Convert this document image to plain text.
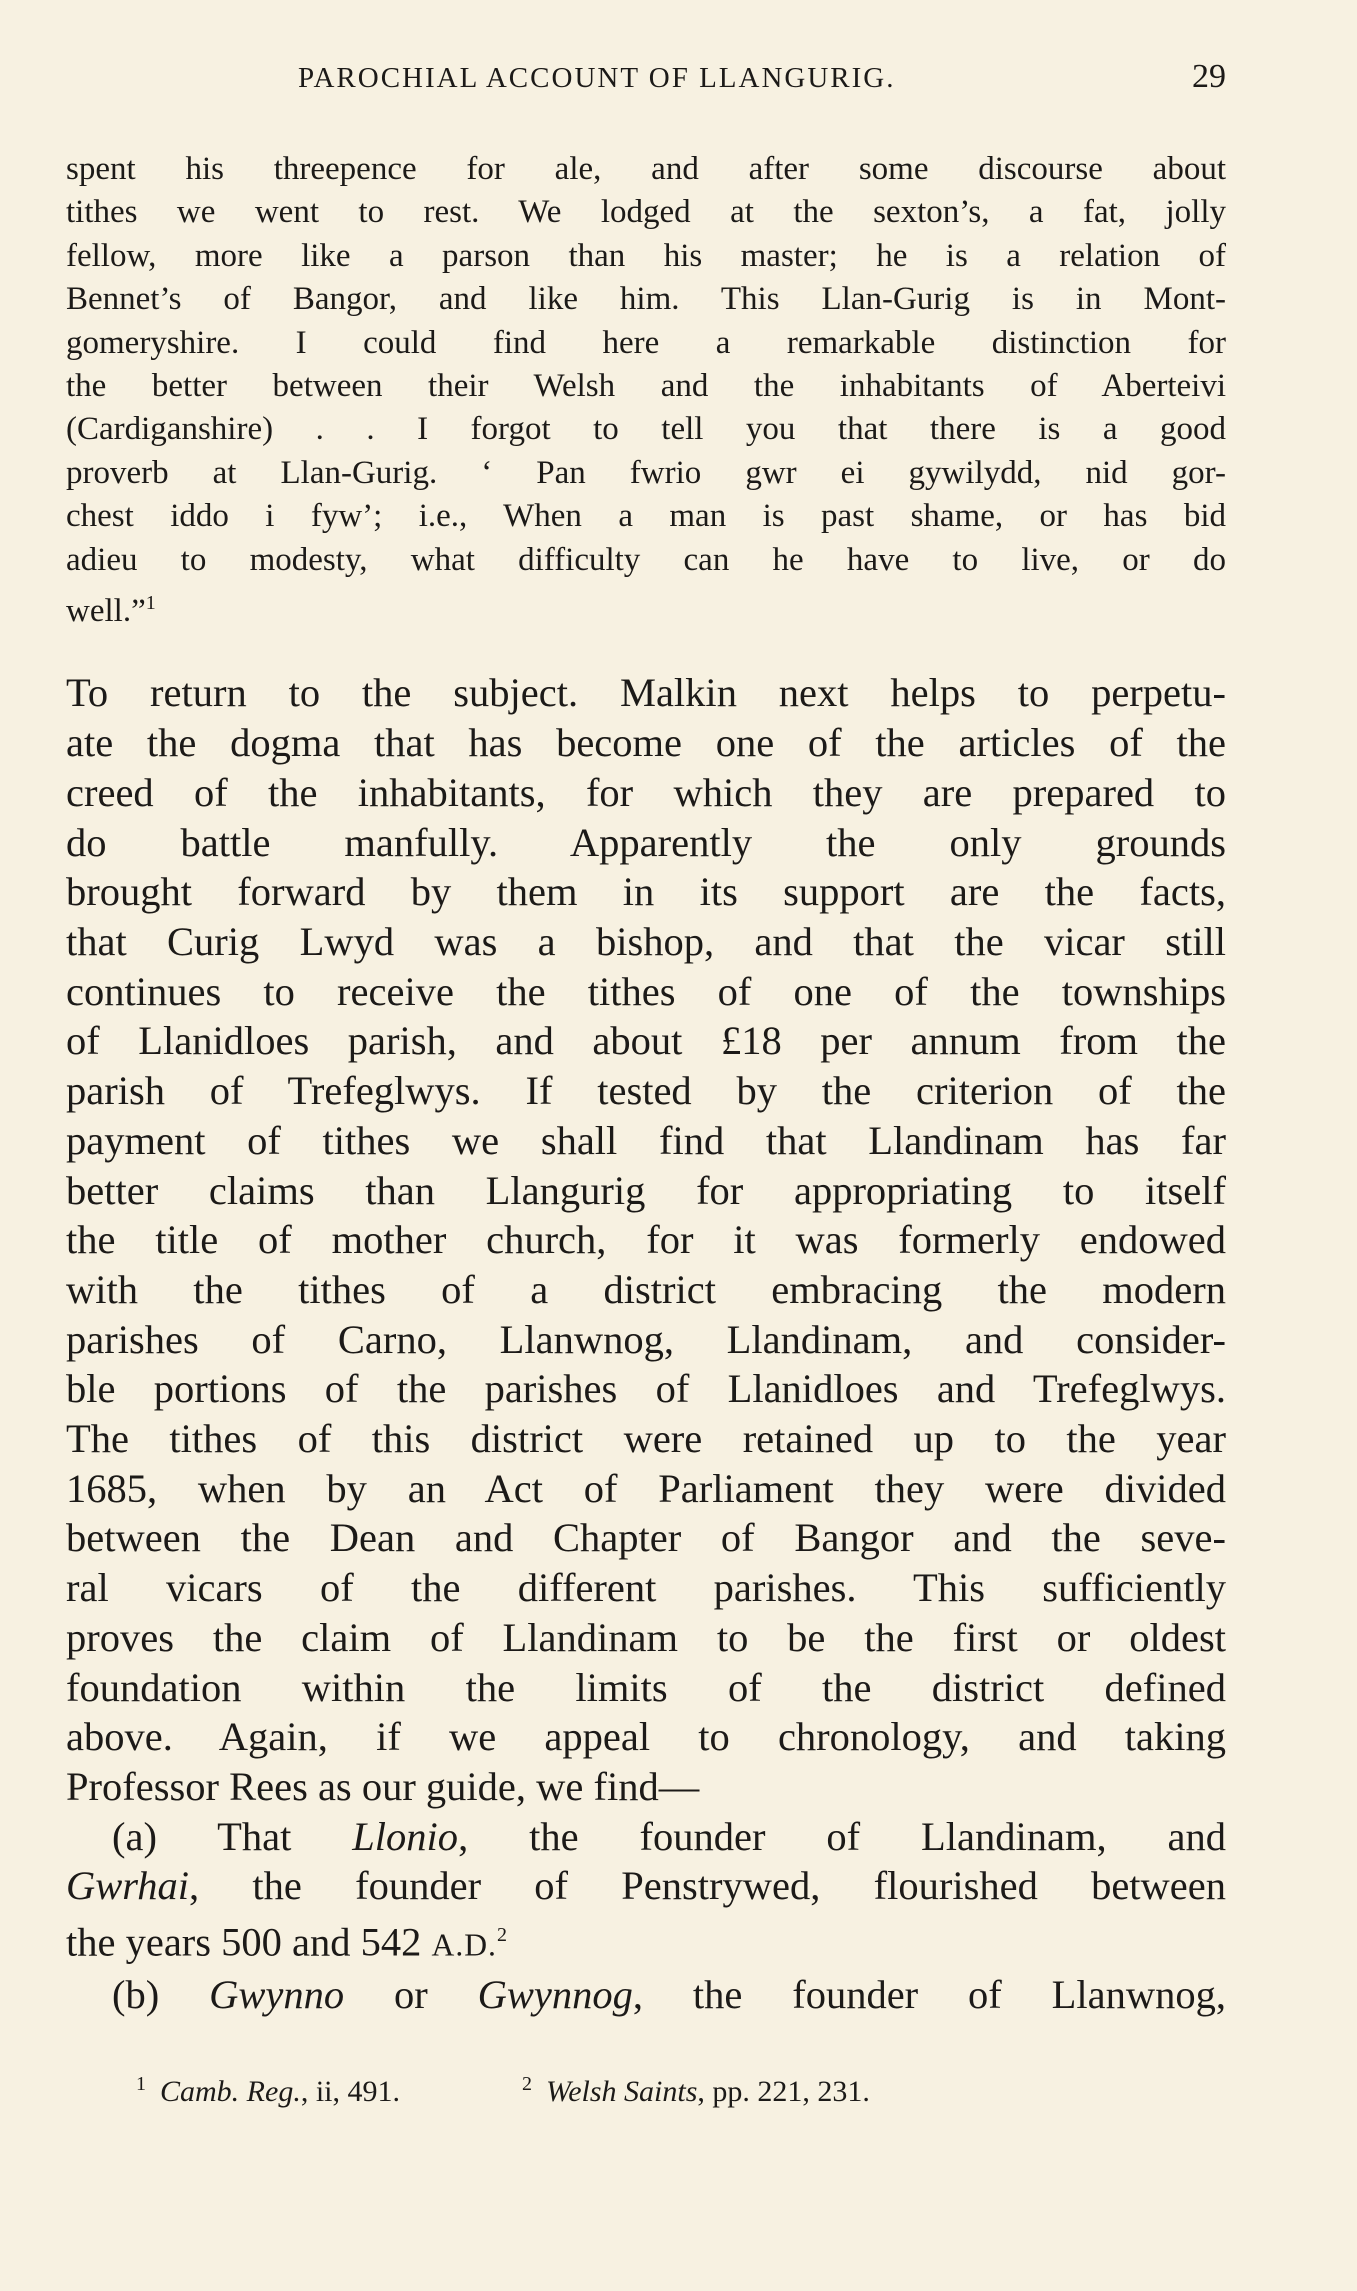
PAROCHIAL ACCOUNT OF LLANGURIG.	29
spent his threepence for ale, and after some discourse about
tithes we went to rest. We lodged at the sexton’s, a fat, jolly
fellow, more like a parson than his master; he is a relation of
Bennet’s of Bangor, and like him. This Llan-Gurig is in Mont-
gomeryshire. I could find here a remarkable distinction for
the better between their Welsh and the inhabitants of Aberteivi
(Cardiganshire) . . I forgot to tell you that there is a good
proverb at Llan-Gurig. ‘ Pan fwrio gwr ei gywilydd, nid gor-
chest iddo i fyw’; i.e., When a man is past shame, or has bid
adieu to modesty, what difficulty can he have to live, or do
well.”$^1$
To return to the subject. Malkin next helps to perpetu-
ate the dogma that has become one of the articles of the
creed of the inhabitants, for which they are prepared to
do battle manfully. Apparently the only grounds
brought forward by them in its support are the facts,
that Curig Lwyd was a bishop, and that the vicar still
continues to receive the tithes of one of the townships
of Llanidloes parish, and about £18 per annum from the
parish of Trefeglwys. If tested by the criterion of the
payment of tithes we shall find that Llandinam has far
better claims than Llangurig for appropriating to itself
the title of mother church, for it was formerly endowed
with the tithes of a district embracing the modern
parishes of Carno, Llanwnog, Llandinam, and consider-
ble portions of the parishes of Llanidloes and Trefeglwys.
The tithes of this district were retained up to the year
1685, when by an Act of Parliament they were divided
between the Dean and Chapter of Bangor and the seve-
ral vicars of the different parishes. This sufficiently
proves the claim of Llandinam to be the first or oldest
foundation within the limits of the district defined
above. Again, if we appeal to chronology, and taking
Professor Rees as our guide, we find—
(a) That Llonio, the founder of Llandinam, and
Gwrhai, the founder of Penstrywed, flourished between
the years 500 and 542 A.D.$^2$
(b) Gwynno or Gwynnog, the founder of Llanwnog,
$^1$ Camb. Reg., ii, 491.	$^2$ Welsh Saints, pp. 221, 231.
